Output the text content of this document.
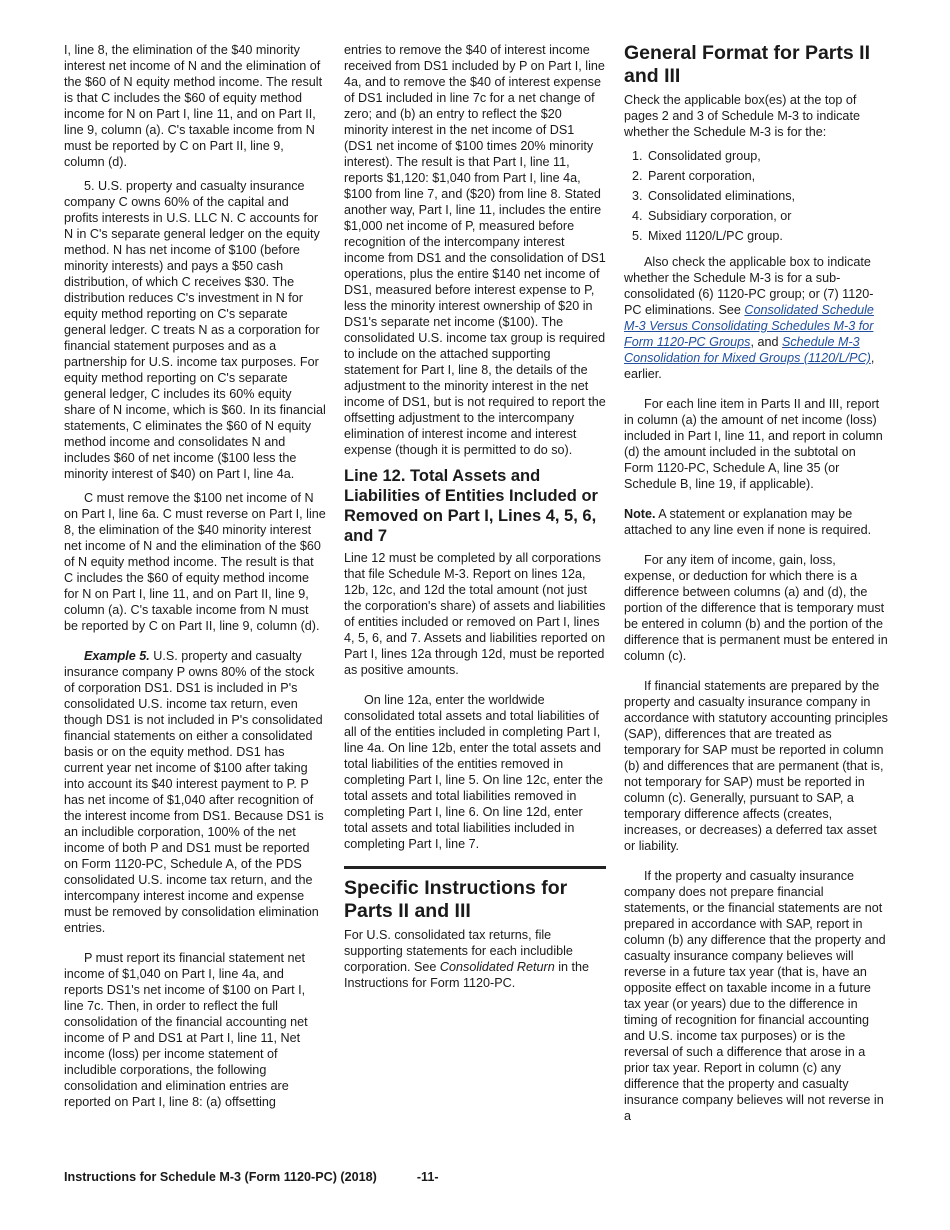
I, line 8, the elimination of the $40 minority interest net income of N and the elimination of the $60 of N equity method income. The result is that C includes the $60 of equity method income for N on Part I, line 11, and on Part II, line 9, column (a). C's taxable income from N must be reported by C on Part II, line 9, column (d).

5. U.S. property and casualty insurance company C owns 60% of the capital and profits interests in U.S. LLC N. C accounts for N in C's separate general ledger on the equity method. N has net income of $100 (before minority interests) and pays a $50 cash distribution, of which C receives $30. The distribution reduces C's investment in N for equity method reporting on C's separate general ledger. C treats N as a corporation for financial statement purposes and as a partnership for U.S. income tax purposes. For equity method reporting on C's separate general ledger, C includes its 60% equity share of N income, which is $60. In its financial statements, C eliminates the $60 of N equity method income and consolidates N and includes $60 of net income ($100 less the minority interest of $40) on Part I, line 4a.

C must remove the $100 net income of N on Part I, line 6a. C must reverse on Part I, line 8, the elimination of the $40 minority interest net income of N and the elimination of the $60 of N equity method income. The result is that C includes the $60 of equity method income for N on Part I, line 11, and on Part II, line 9, column (a). C's taxable income from N must be reported by C on Part II, line 9, column (d).

Example 5. U.S. property and casualty insurance company P owns 80% of the stock of corporation DS1. DS1 is included in P's consolidated U.S. income tax return, even though DS1 is not included in P's consolidated financial statements on either a consolidated basis or on the equity method. DS1 has current year net income of $100 after taking into account its $40 interest payment to P. P has net income of $1,040 after recognition of the interest income from DS1. Because DS1 is an includible corporation, 100% of the net income of both P and DS1 must be reported on Form 1120-PC, Schedule A, of the PDS consolidated U.S. income tax return, and the intercompany interest income and expense must be removed by consolidation elimination entries.

P must report its financial statement net income of $1,040 on Part I, line 4a, and reports DS1's net income of $100 on Part I, line 7c. Then, in order to reflect the full consolidation of the financial accounting net income of P and DS1 at Part I, line 11, Net income (loss) per income statement of includible corporations, the following consolidation and elimination entries are reported on Part I, line 8: (a) offsetting

entries to remove the $40 of interest income received from DS1 included by P on Part I, line 4a, and to remove the $40 of interest expense of DS1 included in line 7c for a net change of zero; and (b) an entry to reflect the $20 minority interest in the net income of DS1 (DS1 net income of $100 times 20% minority interest). The result is that Part I, line 11, reports $1,120: $1,040 from Part I, line 4a, $100 from line 7, and ($20) from line 8. Stated another way, Part I, line 11, includes the entire $1,000 net income of P, measured before recognition of the intercompany interest income from DS1 and the consolidation of DS1 operations, plus the entire $140 net income of DS1, measured before interest expense to P, less the minority interest ownership of $20 in DS1's separate net income ($100). The consolidated U.S. income tax group is required to include on the attached supporting statement for Part I, line 8, the details of the adjustment to the minority interest in the net income of DS1, but is not required to report the offsetting adjustment to the intercompany elimination of interest income and interest expense (though it is permitted to do so).

Line 12. Total Assets and Liabilities of Entities Included or Removed on Part I, Lines 4, 5, 6, and 7

Line 12 must be completed by all corporations that file Schedule M-3. Report on lines 12a, 12b, 12c, and 12d the total amount (not just the corporation's share) of assets and liabilities of entities included or removed on Part I, lines 4, 5, 6, and 7. Assets and liabilities reported on Part I, lines 12a through 12d, must be reported as positive amounts.

On line 12a, enter the worldwide consolidated total assets and total liabilities of all of the entities included in completing Part I, line 4a. On line 12b, enter the total assets and total liabilities of the entities removed in completing Part I, line 5. On line 12c, enter the total assets and total liabilities removed in completing Part I, line 6. On line 12d, enter total assets and total liabilities included in completing Part I, line 7.

Specific Instructions for Parts II and III

For U.S. consolidated tax returns, file supporting statements for each includible corporation. See Consolidated Return in the Instructions for Form 1120-PC.

General Format for Parts II and III

Check the applicable box(es) at the top of pages 2 and 3 of Schedule M-3 to indicate whether the Schedule M-3 is for the:

1. Consolidated group,
2. Parent corporation,
3. Consolidated eliminations,
4. Subsidiary corporation, or
5. Mixed 1120/L/PC group.

Also check the applicable box to indicate whether the Schedule M-3 is for a sub-consolidated (6) 1120-PC group; or (7) 1120-PC eliminations. See Consolidated Schedule M-3 Versus Consolidating Schedules M-3 for Form 1120-PC Groups, and Schedule M-3 Consolidation for Mixed Groups (1120/L/PC), earlier.

For each line item in Parts II and III, report in column (a) the amount of net income (loss) included in Part I, line 11, and report in column (d) the amount included in the subtotal on Form 1120-PC, Schedule A, line 35 (or Schedule B, line 19, if applicable).

Note. A statement or explanation may be attached to any line even if none is required.

For any item of income, gain, loss, expense, or deduction for which there is a difference between columns (a) and (d), the portion of the difference that is temporary must be entered in column (b) and the portion of the difference that is permanent must be entered in column (c).

If financial statements are prepared by the property and casualty insurance company in accordance with statutory accounting principles (SAP), differences that are treated as temporary for SAP must be reported in column (b) and differences that are permanent (that is, not temporary for SAP) must be reported in column (c). Generally, pursuant to SAP, a temporary difference affects (creates, increases, or decreases) a deferred tax asset or liability.

If the property and casualty insurance company does not prepare financial statements, or the financial statements are not prepared in accordance with SAP, report in column (b) any difference that the property and casualty insurance company believes will reverse in a future tax year (that is, have an opposite effect on taxable income in a future tax year (or years) due to the difference in timing of recognition for financial accounting and U.S. income tax purposes) or is the reversal of such a difference that arose in a prior tax year. Report in column (c) any difference that the property and casualty insurance company believes will not reverse in a

Instructions for Schedule M-3 (Form 1120-PC) (2018)	-11-
